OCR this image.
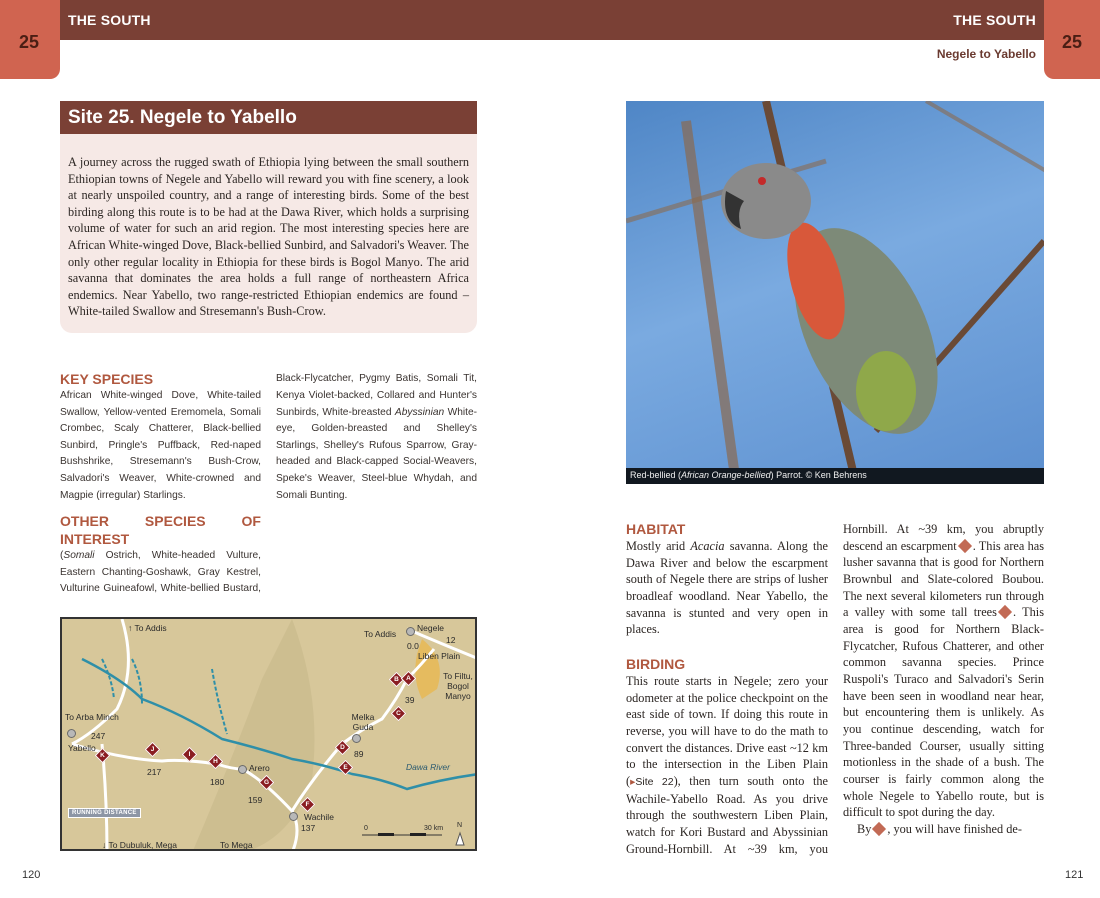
25
THE SOUTH	THE SOUTH
25
Negele to Yabello
Site 25. Negele to Yabello

A journey across the rugged swath of Ethiopia lying between the small southern Ethiopian towns of Negele and Yabello will reward you with fine scenery, a look at nearly unspoiled country, and a range of interesting birds. Some of the best birding along this route is to be had at the Dawa River, which holds a surprising volume of water for such an arid region. The most interesting species here are African White-winged Dove, Black-bellied Sunbird, and Salvadori's Weaver. The only other regular locality in Ethiopia for these birds is Bogol Manyo. The arid savanna that dominates the area holds a full range of northeastern Africa endemics. Near Yabello, two range-restricted Ethiopian endemics are found – White-tailed Swallow and Stresemann's Bush-Crow.

KEY SPECIES

African White-winged Dove, White-tailed Swallow, Yellow-vented Eremomela, Somali Crombec, Scaly Chatterer, Black-bellied Sunbird, Pringle's Puffback, Red-naped Bushshrike, Stresemann's Bush-Crow, Salvadori's Weaver, White-crowned and Magpie (irregular) Starlings.

OTHER SPECIES OF INTEREST

(Somali Ostrich, White-headed Vulture, Eastern Chanting-Goshawk, Gray Kestrel, Vulturine Guineafowl, White-bellied Bustard,

Black-Flycatcher, Pygmy Batis, Somali Tit, Kenya Violet-backed, Collared and Hunter's Sunbirds, White-breasted Abyssinian White-eye, Golden-breasted and Shelley's Starlings, Shelley's Rufous Sparrow, Gray-headed and Black-capped Social-Weavers, Speke's Weaver, Steel-blue Whydah, and Somali Bunting.

↑ To Addis
To Addis
Negele
0.0
12
Liben Plain
To Filtu, Bogol Manyo
B	A
39
C
Melka Guda
D
89
E	Dawa River
F
Wachile
137
G
159
Arero
H
180
I
J
217
To Arba Minch
247
Yabello
K
RUNNING DISTANCE
↓ To Dubuluk, Mega	To Mega
0	30 km N
Red-bellied (African Orange-bellied) Parrot. © Ken Behrens
HABITAT

Mostly arid Acacia savanna. Along the Dawa River and below the escarpment south of Negele there are strips of lusher broadleaf woodland. Near Yabello, the savanna is stunted and very open in places.

BIRDING

This route starts in Negele; zero your odometer at the police checkpoint on the east side of town. If doing this route in reverse, you will have to do the math to convert the distances. Drive east ~12 km to the intersection in the Liben Plain (▸Site 22), then turn south onto the Wachile-Yabello Road. As you drive through the southwestern Liben Plain, watch for Kori Bustard and Abyssinian Ground-Hornbill. At ~39 km, you

Hornbill. At ~39 km, you abruptly descend an escarpment . This area has lusher savanna that is good for Northern Brownbul and Slate-colored Boubou. The next several kilometers run through a valley with some tall trees . This area is good for Northern Black-Flycatcher, Rufous Chatterer, and other common savanna species. Prince Ruspoli's Turaco and Salvadori's Serin have been seen in woodland near hear, but encountering them is unlikely. As you continue descending, watch for Three-banded Courser, usually sitting motionless in the shade of a bush. The courser is fairly common along the whole Negele to Yabello route, but is difficult to spot during the day.

By , you will have finished de-

120	121
